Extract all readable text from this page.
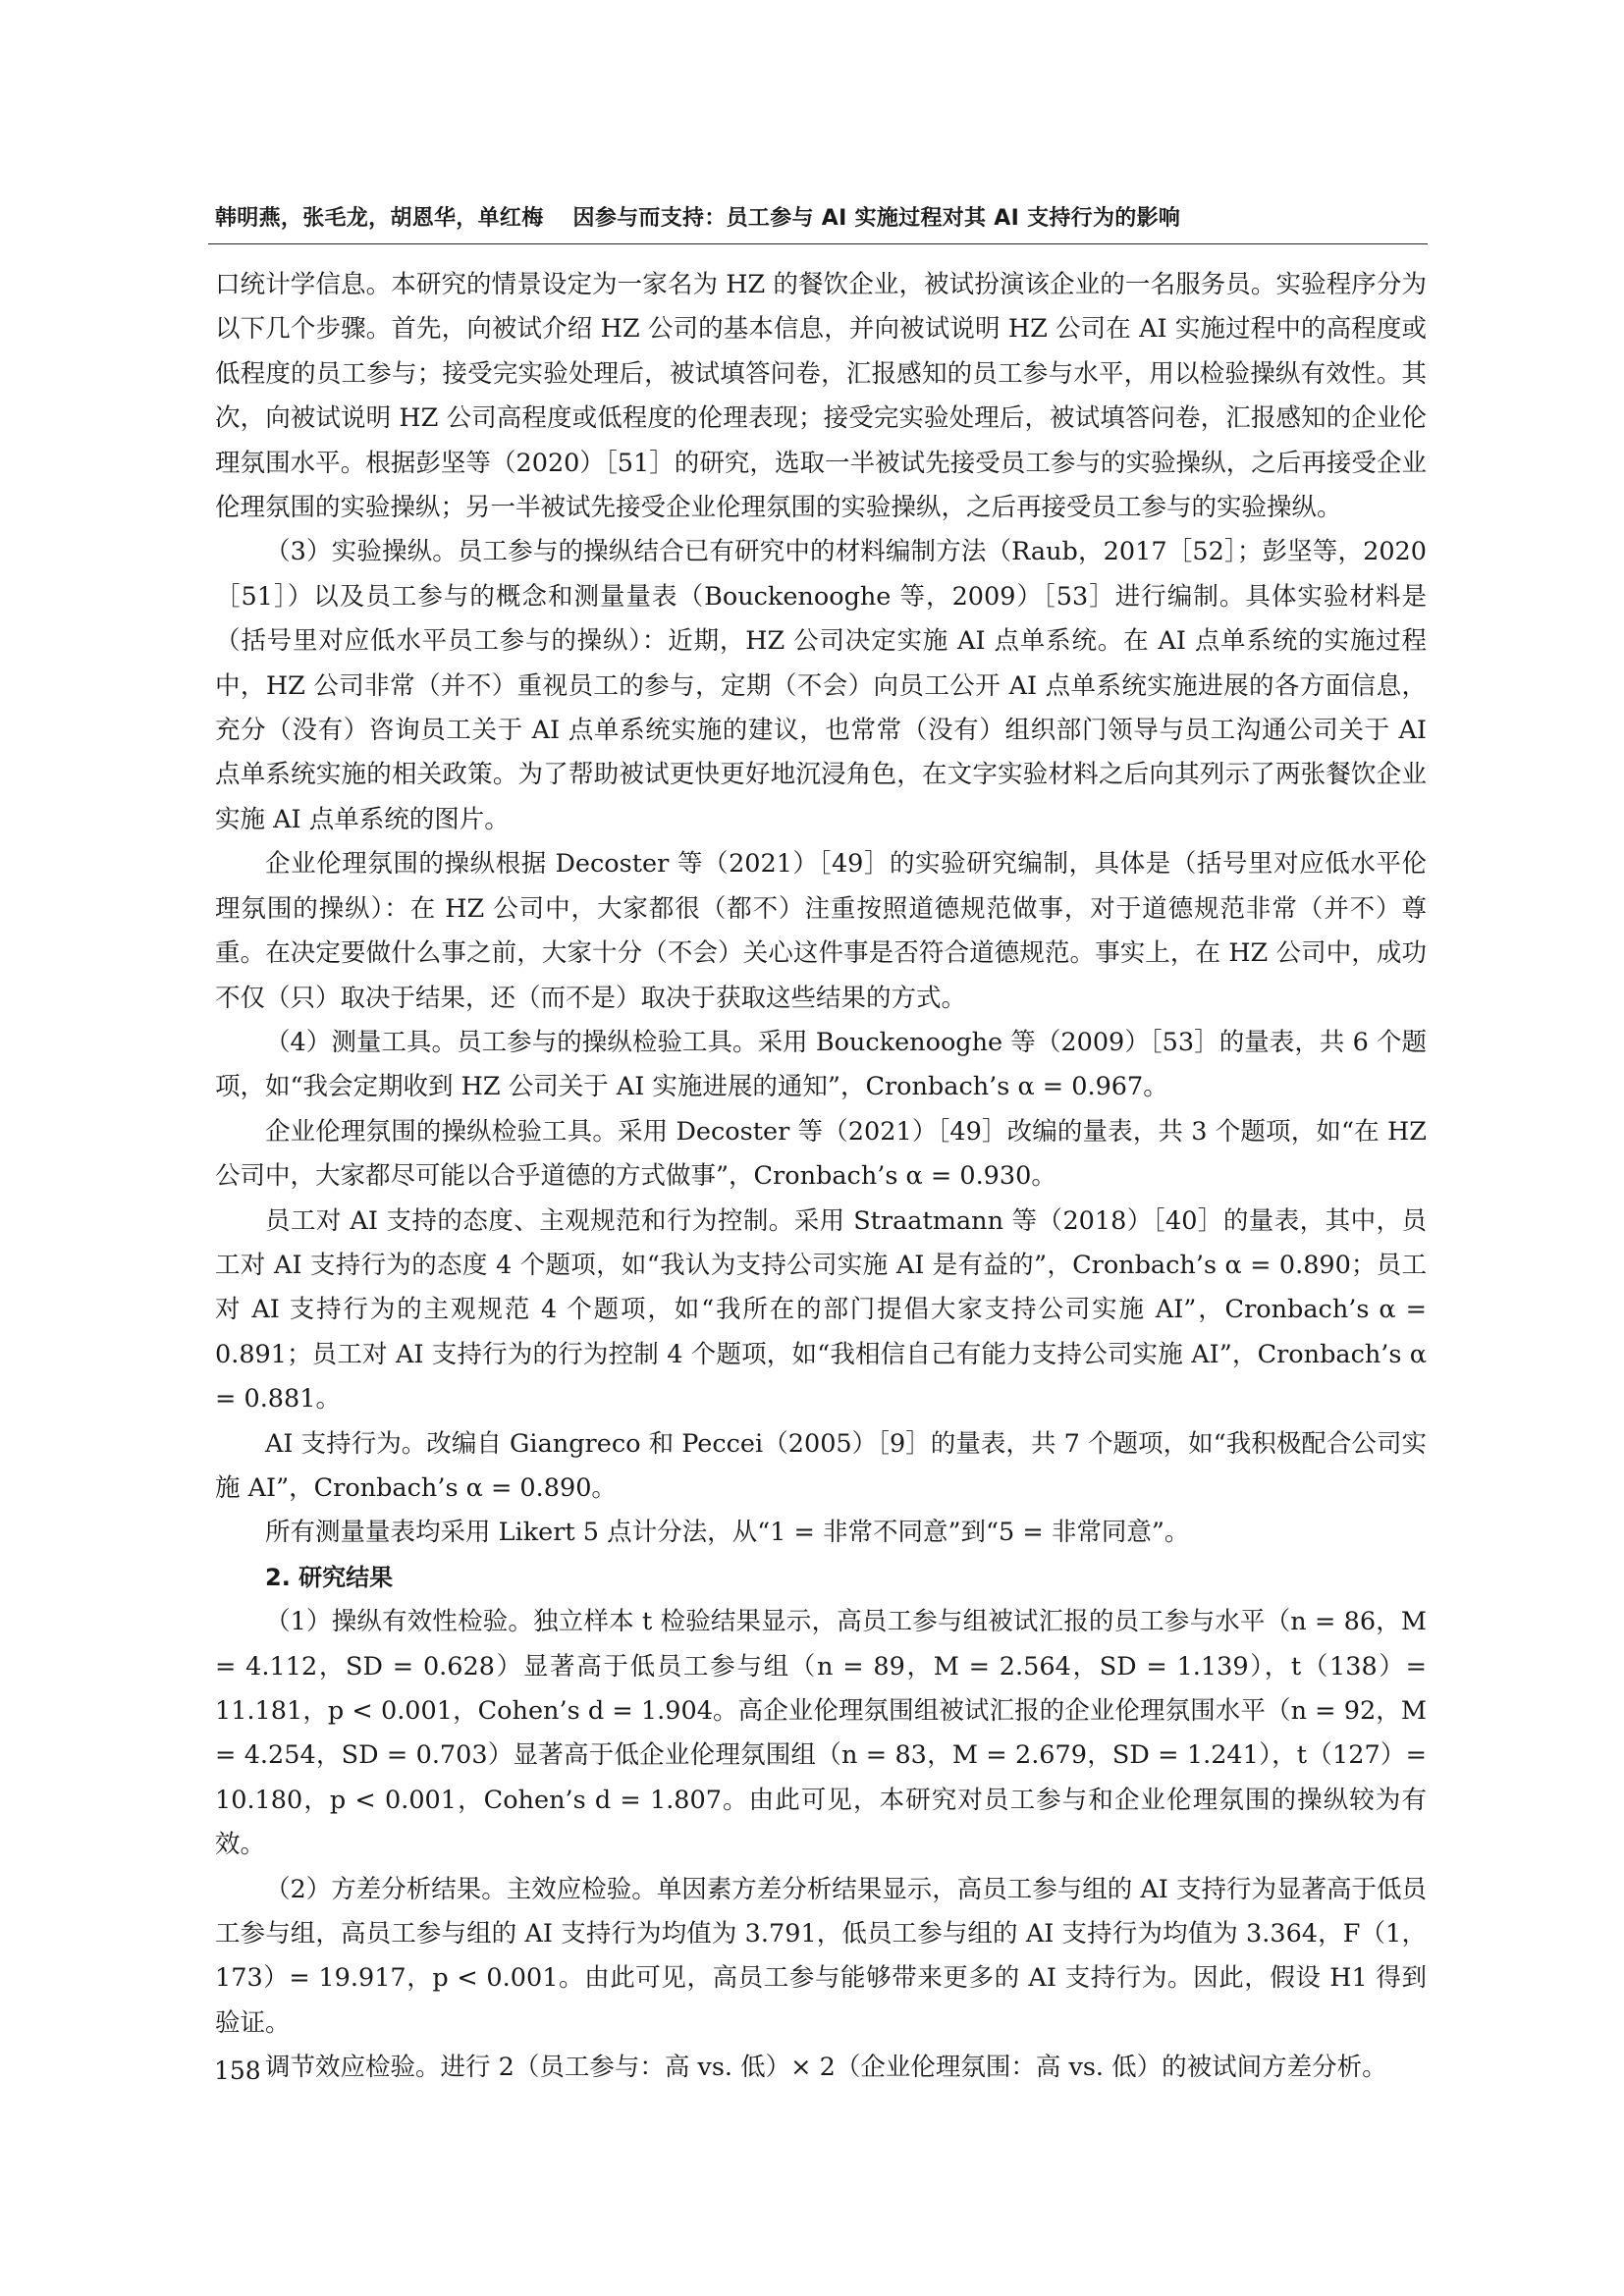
韩明燕，张毛龙，胡恩华，单红梅 因参与而支持：员工参与 AI 实施过程对其 AI 支持行为的影响

口统计学信息。本研究的情景设定为一家名为 HZ 的餐饮企业，被试扮演该企业的一名服务员。实验程序分为以下几个步骤。首先，向被试介绍 HZ 公司的基本信息，并向被试说明 HZ 公司在 AI 实施过程中的高程度或低程度的员工参与；接受完实验处理后，被试填答问卷，汇报感知的员工参与水平，用以检验操纵有效性。其次，向被试说明 HZ 公司高程度或低程度的伦理表现；接受完实验处理后，被试填答问卷，汇报感知的企业伦理氛围水平。根据彭坚等（2020）［51］的研究，选取一半被试先接受员工参与的实验操纵，之后再接受企业伦理氛围的实验操纵；另一半被试先接受企业伦理氛围的实验操纵，之后再接受员工参与的实验操纵。

（3）实验操纵。员工参与的操纵结合已有研究中的材料编制方法（Raub，2017［52］；彭坚等，2020［51］）以及员工参与的概念和测量量表（Bouckenooghe 等，2009）［53］进行编制。具体实验材料是（括号里对应低水平员工参与的操纵）：近期，HZ 公司决定实施 AI 点单系统。在 AI 点单系统的实施过程中，HZ 公司非常（并不）重视员工的参与，定期（不会）向员工公开 AI 点单系统实施进展的各方面信息，充分（没有）咨询员工关于 AI 点单系统实施的建议，也常常（没有）组织部门领导与员工沟通公司关于 AI 点单系统实施的相关政策。为了帮助被试更快更好地沉浸角色，在文字实验材料之后向其列示了两张餐饮企业实施 AI 点单系统的图片。

企业伦理氛围的操纵根据 Decoster 等（2021）［49］的实验研究编制，具体是（括号里对应低水平伦理氛围的操纵）：在 HZ 公司中，大家都很（都不）注重按照道德规范做事，对于道德规范非常（并不）尊重。在决定要做什么事之前，大家十分（不会）关心这件事是否符合道德规范。事实上，在 HZ 公司中，成功不仅（只）取决于结果，还（而不是）取决于获取这些结果的方式。

（4）测量工具。员工参与的操纵检验工具。采用 Bouckenooghe 等（2009）［53］的量表，共 6 个题项，如“我会定期收到 HZ 公司关于 AI 实施进展的通知”，Cronbach’s α = 0.967。

企业伦理氛围的操纵检验工具。采用 Decoster 等（2021）［49］改编的量表，共 3 个题项，如“在 HZ 公司中，大家都尽可能以合乎道德的方式做事”，Cronbach’s α = 0.930。

员工对 AI 支持的态度、主观规范和行为控制。采用 Straatmann 等（2018）［40］的量表，其中，员工对 AI 支持行为的态度 4 个题项，如“我认为支持公司实施 AI 是有益的”，Cronbach’s α = 0.890；员工对 AI 支持行为的主观规范 4 个题项，如“我所在的部门提倡大家支持公司实施 AI”，Cronbach’s α = 0.891；员工对 AI 支持行为的行为控制 4 个题项，如“我相信自己有能力支持公司实施 AI”，Cronbach’s α = 0.881。

AI 支持行为。改编自 Giangreco 和 Peccei（2005）［9］的量表，共 7 个题项，如“我积极配合公司实施 AI”，Cronbach’s α = 0.890。

所有测量量表均采用 Likert 5 点计分法，从“1 = 非常不同意”到“5 = 非常同意”。

2. 研究结果

（1）操纵有效性检验。独立样本 t 检验结果显示，高员工参与组被试汇报的员工参与水平（n = 86，M = 4.112，SD = 0.628）显著高于低员工参与组（n = 89，M = 2.564，SD = 1.139），t（138）= 11.181，p < 0.001，Cohen’s d = 1.904。高企业伦理氛围组被试汇报的企业伦理氛围水平（n = 92，M = 4.254，SD = 0.703）显著高于低企业伦理氛围组（n = 83，M = 2.679，SD = 1.241），t（127）= 10.180，p < 0.001，Cohen’s d = 1.807。由此可见，本研究对员工参与和企业伦理氛围的操纵较为有效。

（2）方差分析结果。主效应检验。单因素方差分析结果显示，高员工参与组的 AI 支持行为显著高于低员工参与组，高员工参与组的 AI 支持行为均值为 3.791，低员工参与组的 AI 支持行为均值为 3.364，F（1，173）= 19.917，p < 0.001。由此可见，高员工参与能够带来更多的 AI 支持行为。因此，假设 H1 得到验证。

调节效应检验。进行 2（员工参与：高 vs. 低）× 2（企业伦理氛围：高 vs. 低）的被试间方差分析。

158
